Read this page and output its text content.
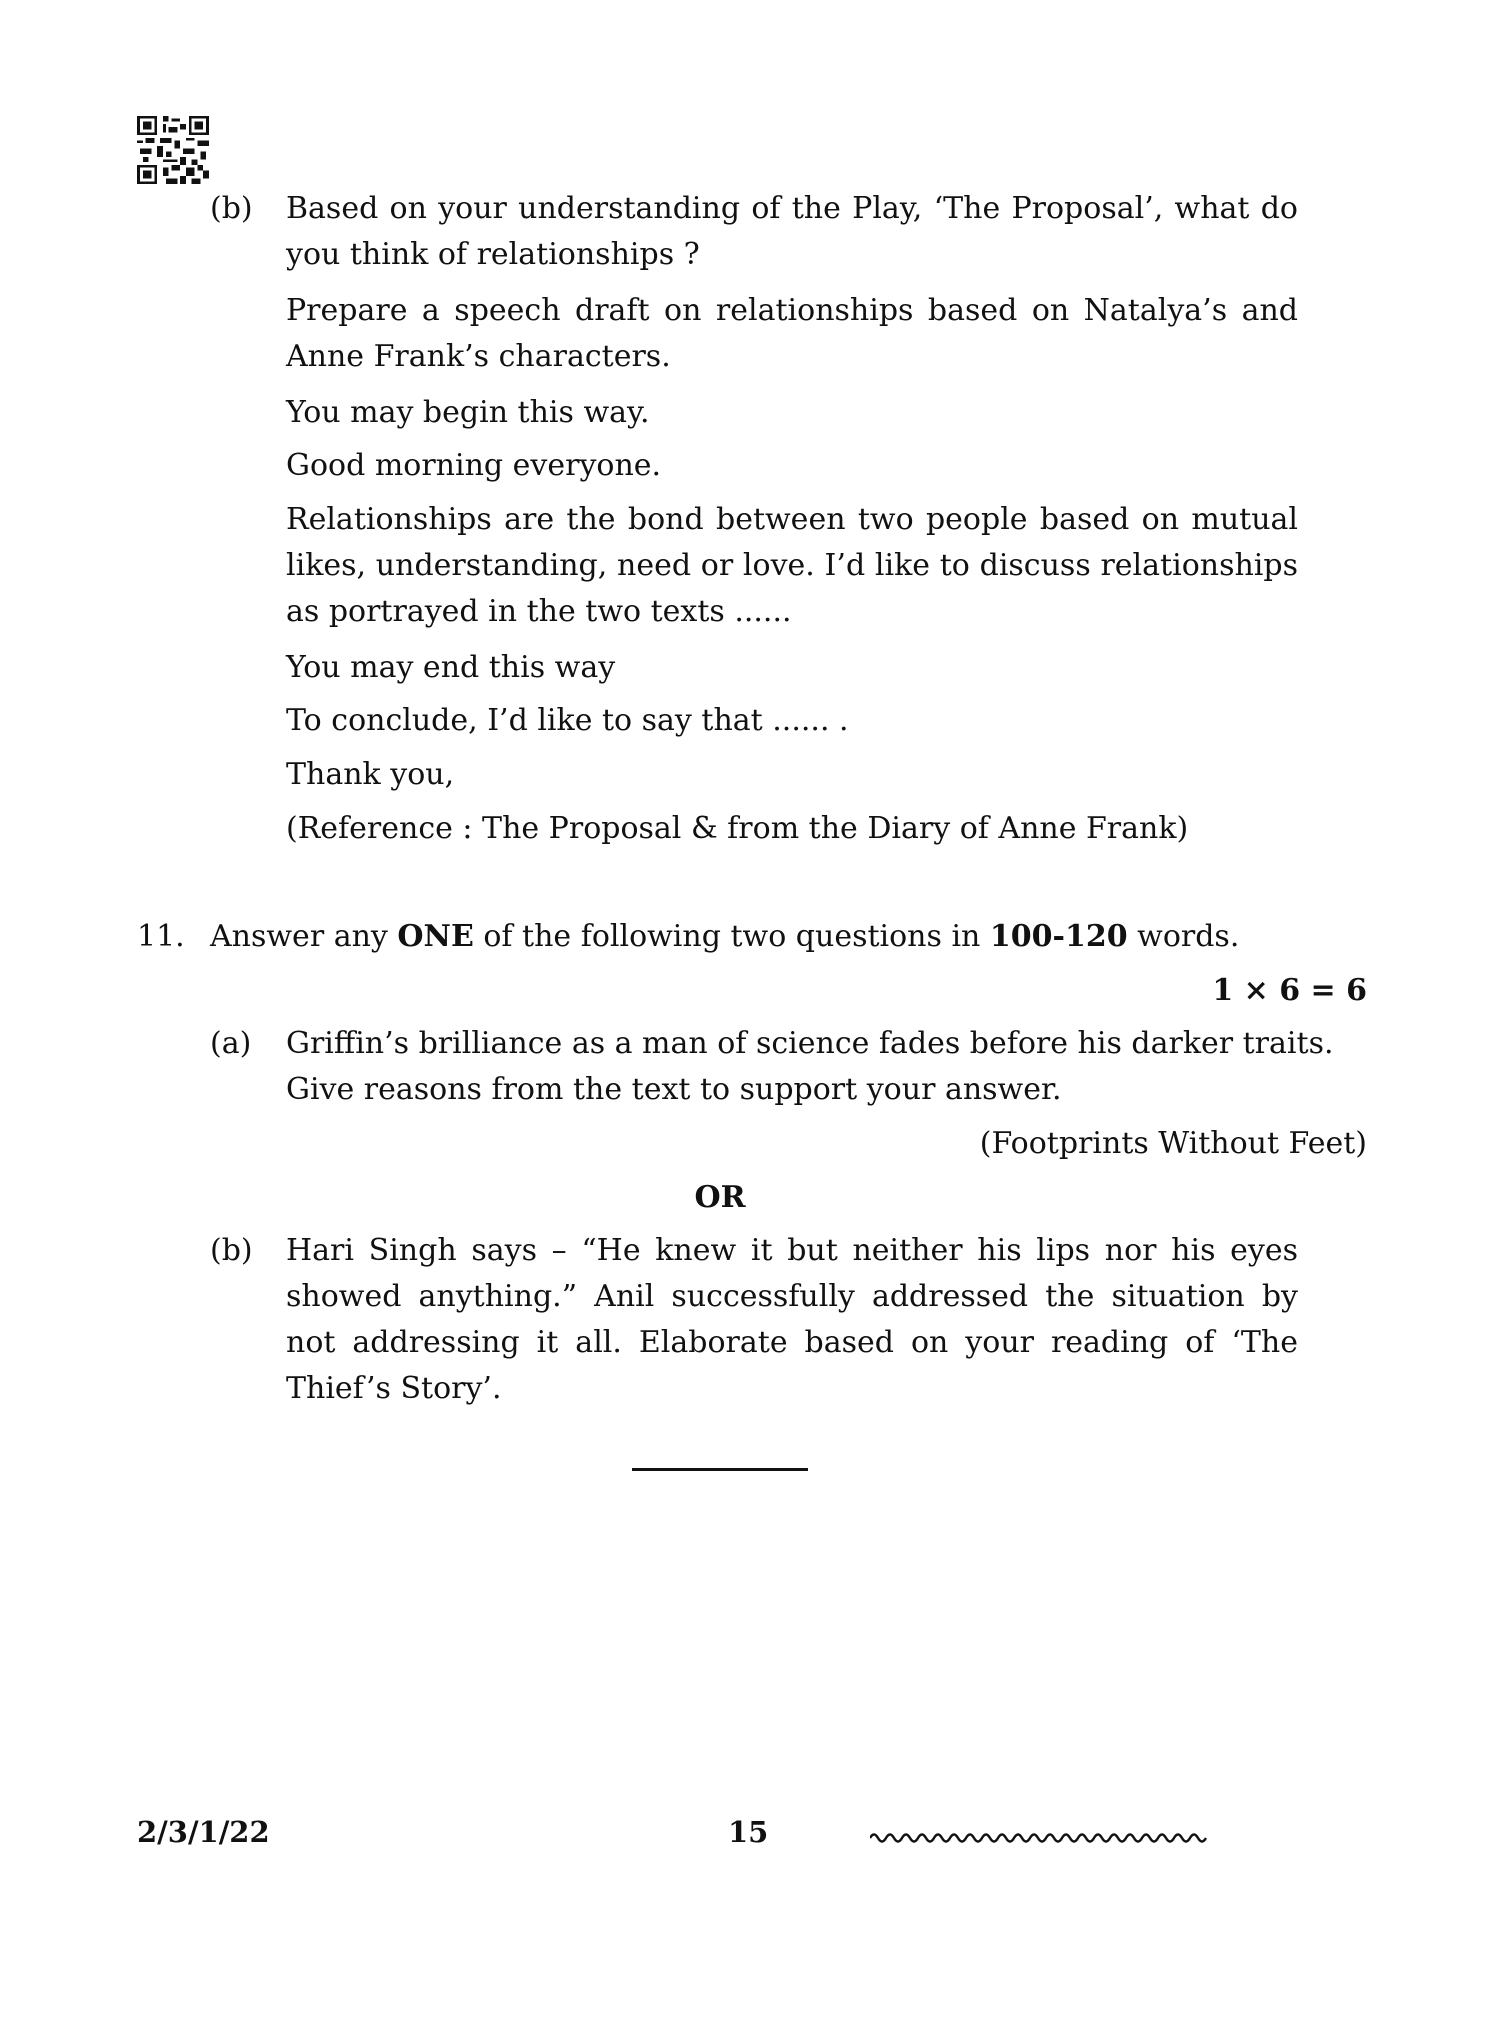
(b) Based on your understanding of the Play, ‘The Proposal’, what do you think of relationships ?
Prepare a speech draft on relationships based on Natalya’s and Anne Frank’s characters.
You may begin this way.
Good morning everyone.
Relationships are the bond between two people based on mutual likes, understanding, need or love. I’d like to discuss relationships as portrayed in the two texts ......
You may end this way
To conclude, I’d like to say that ...... .
Thank you,
(Reference : The Proposal & from the Diary of Anne Frank)
11. Answer any ONE of the following two questions in 100-120 words.
1 × 6 = 6
(a) Griffin’s brilliance as a man of science fades before his darker traits.
Give reasons from the text to support your answer.
(Footprints Without Feet)
OR
(b) Hari Singh says – “He knew it but neither his lips nor his eyes showed anything.” Anil successfully addressed the situation by not addressing it all. Elaborate based on your reading of ‘The Thief’s Story’.
2/3/1/22	15
